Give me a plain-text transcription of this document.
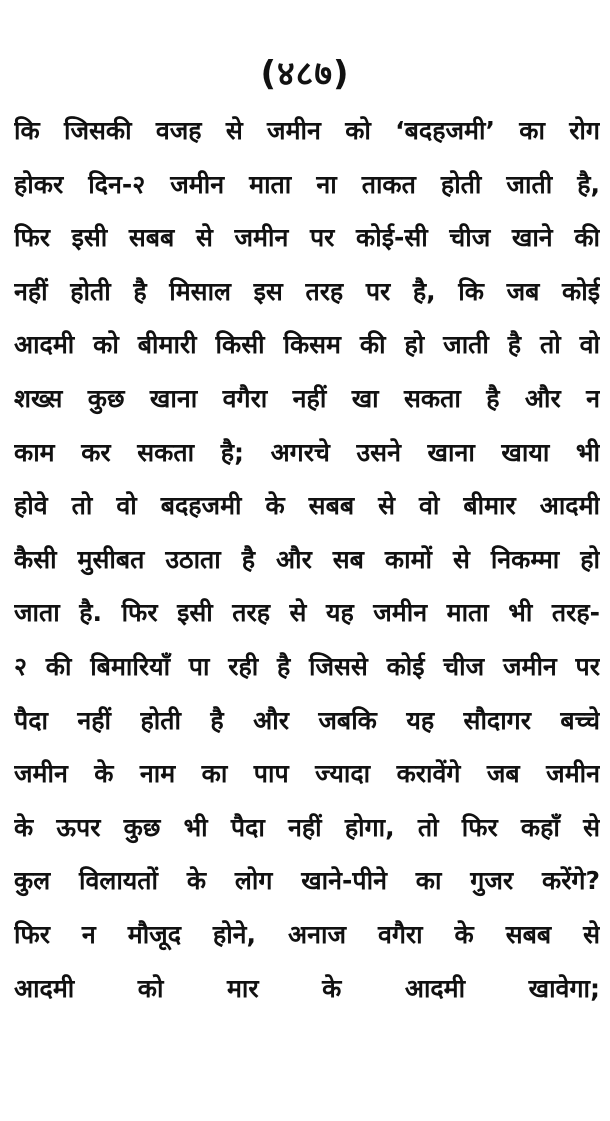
(४८७)
कि जिसकी वजह से जमीन को ‘बदहजमी’ का रोग
होकर दिन-२ जमीन माता ना ताकत होती जाती है,
फिर इसी सबब से जमीन पर कोई-सी चीज खाने की
नहीं होती है मिसाल इस तरह पर है, कि जब कोई
आदमी को बीमारी किसी किसम की हो जाती है तो वो
शख्स कुछ खाना वगैरा नहीं खा सकता है और न
काम कर सकता है; अगरचे उसने खाना खाया भी
होवे तो वो बदहजमी के सबब से वो बीमार आदमी
कैसी मुसीबत उठाता है और सब कामों से निकम्मा हो
जाता है. फिर इसी तरह से यह जमीन माता भी तरह-
२ की बिमारियाँ पा रही है जिससे कोई चीज जमीन पर
पैदा नहीं होती है और जबकि यह सौदागर बच्चे
जमीन के नाम का पाप ज्यादा करावेंगे जब जमीन
के ऊपर कुछ भी पैदा नहीं होगा, तो फिर कहाँ से
कुल विलायतों के लोग खाने-पीने का गुजर करेंगे?
फिर न मौजूद होने, अनाज वगैरा के सबब से
आदमी को मार के आदमी खावेगा;
